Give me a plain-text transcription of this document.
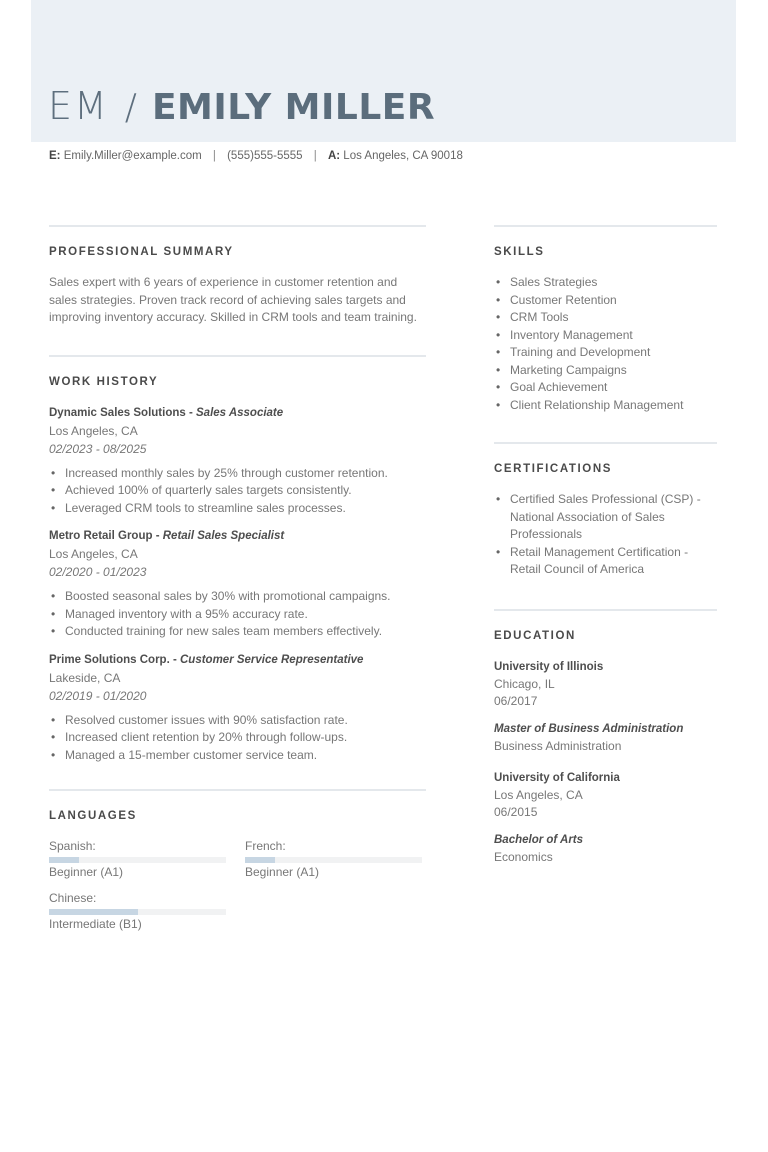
EM / EMILY MILLER
E: Emily.Miller@example.com | (555)555-5555 | A: Los Angeles, CA 90018
PROFESSIONAL SUMMARY

Sales expert with 6 years of experience in customer retention and sales strategies. Proven track record of achieving sales targets and improving inventory accuracy. Skilled in CRM tools and team training.

WORK HISTORY
Dynamic Sales Solutions - Sales Associate
Los Angeles, CA
02/2023 - 08/2025
• Increased monthly sales by 25% through customer retention.
• Achieved 100% of quarterly sales targets consistently.
• Leveraged CRM tools to streamline sales processes.
Metro Retail Group - Retail Sales Specialist
Los Angeles, CA
02/2020 - 01/2023
• Boosted seasonal sales by 30% with promotional campaigns.
• Managed inventory with a 95% accuracy rate.
• Conducted training for new sales team members effectively.
Prime Solutions Corp. - Customer Service Representative
Lakeside, CA
02/2019 - 01/2020
• Resolved customer issues with 90% satisfaction rate.
• Increased client retention by 20% through follow-ups.
• Managed a 15-member customer service team.
LANGUAGES
Spanish:
Beginner (A1)
French:
Beginner (A1)
Chinese:
Intermediate (B1)
SKILLS
• Sales Strategies
• Customer Retention
• CRM Tools
• Inventory Management
• Training and Development
• Marketing Campaigns
• Goal Achievement
• Client Relationship Management
CERTIFICATIONS
• Certified Sales Professional (CSP) - National Association of Sales Professionals
• Retail Management Certification - Retail Council of America
EDUCATION
University of Illinois
Chicago, IL
06/2017
Master of Business Administration
Business Administration
University of California
Los Angeles, CA
06/2015
Bachelor of Arts
Economics
